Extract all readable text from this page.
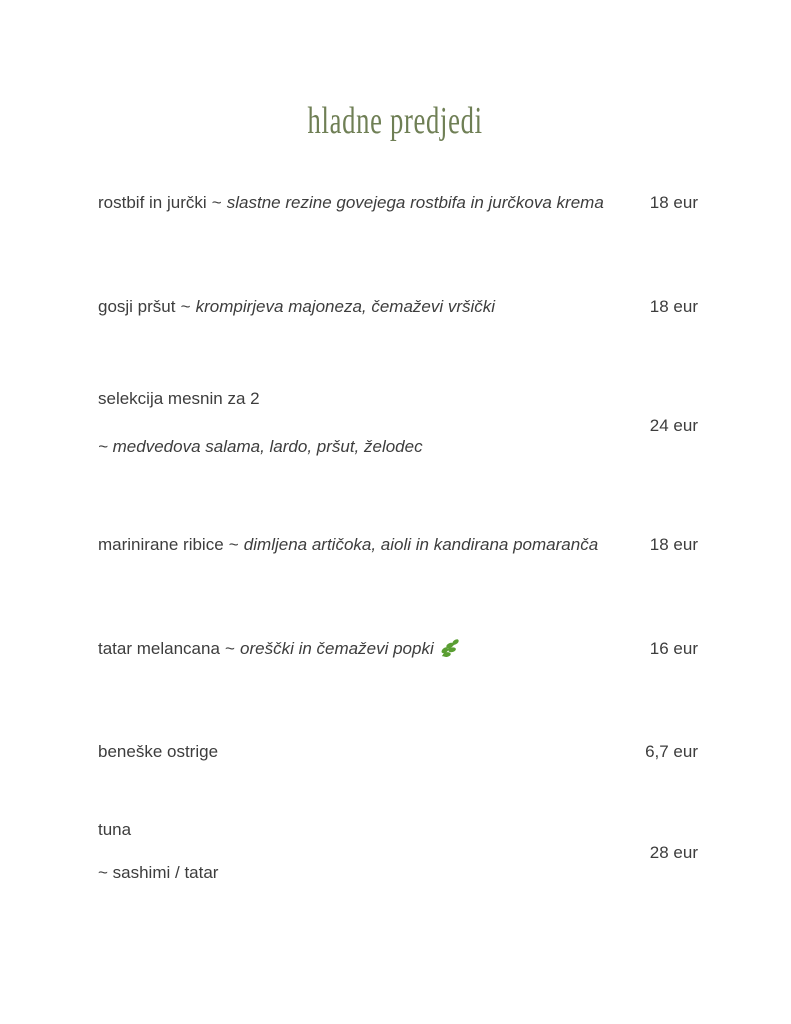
hladne predjedi
rostbif in jurčki ~ slastne rezine govejega rostbifa in jurčkova krema	18 eur
gosji pršut ~ krompirjeva majoneza, čemaževi vršički	18 eur
selekcija mesnin za 2
~ medvedova salama, lardo, pršut, želodec
24 eur
marinirane ribice ~ dimljena artičoka, aioli in kandirana pomaranča	18 eur
tatar melancana ~ oreščki in čemaževi popki	16 eur
beneške ostrige	6,7 eur
tuna
~ sashimi / tatar
28 eur
